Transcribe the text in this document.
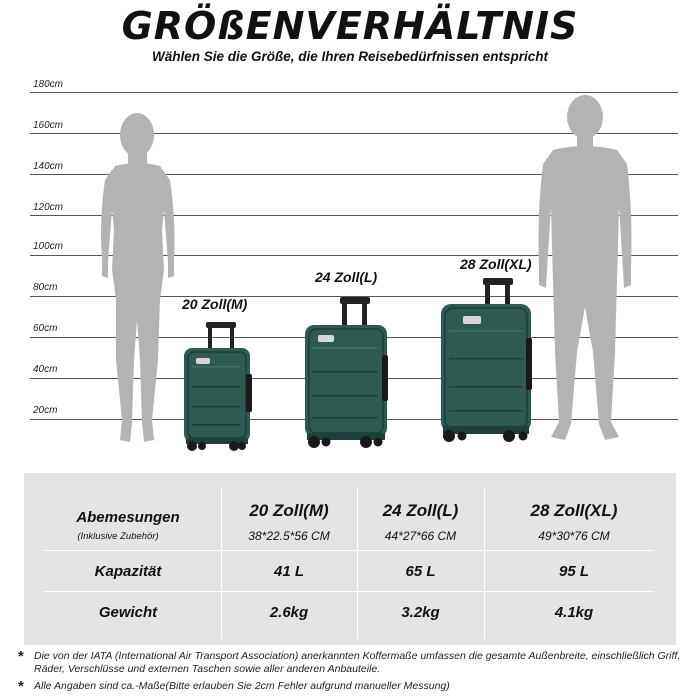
GRÖßENVERHÄLTNIS
Wählen Sie die Größe, die Ihren Reisebedürfnissen entspricht
180cm
160cm
140cm
120cm
100cm
80cm
60cm
40cm
20cm
20 Zoll(M)
24 Zoll(L)
28 Zoll(XL)
Abemesungen
(Inklusive Zubehör)
Kapazität
Gewicht
20 Zoll(M)
38*22.5*56 CM
41 L
2.6kg
24 Zoll(L)
44*27*66 CM
65 L
3.2kg
28 Zoll(XL)
49*30*76 CM
95 L
4.1kg
* Die von der IATA (International Air Transport Association) anerkannten Koffermaße umfassen die gesamte Außenbreite, einschließlich Griff, Räder, Verschlüsse und externen Taschen sowie aller anderen Anbauteile.
* Alle Angaben sind ca.-Maße(Bitte erlauben Sie 2cm Fehler aufgrund manueller Messung)
